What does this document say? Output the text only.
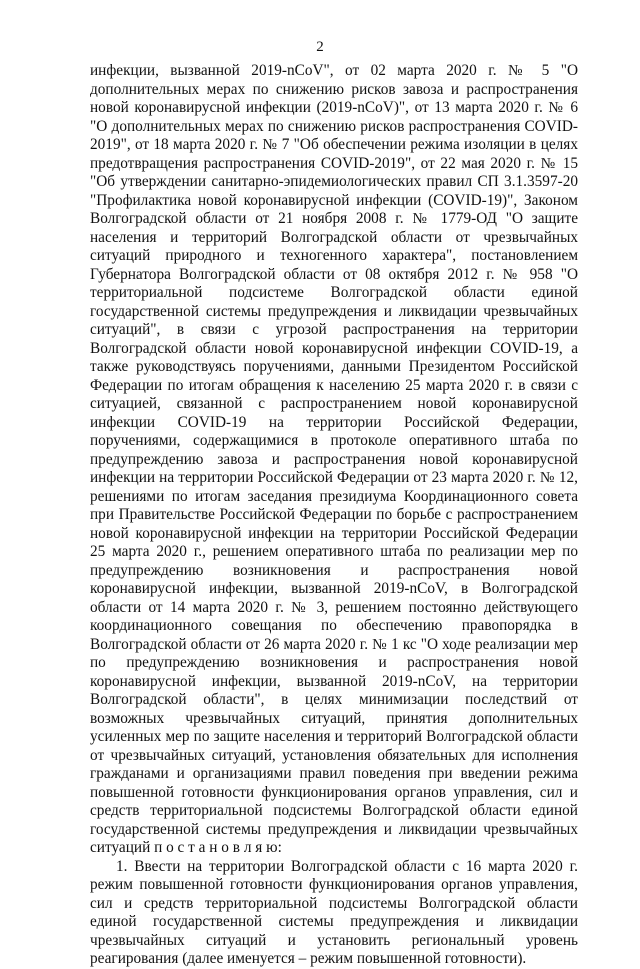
2

инфекции, вызванной 2019-nCoV", от 02 марта 2020 г. № 5 "О дополнительных мерах по снижению рисков завоза и распространения новой коронавирусной инфекции (2019-nCoV)", от 13 марта 2020 г. № 6 "О дополнительных мерах по снижению рисков распространения COVID-2019", от 18 марта 2020 г. № 7 "Об обеспечении режима изоляции в целях предотвращения распространения COVID-2019", от 22 мая 2020 г. № 15 "Об утверждении санитарно-эпидемиологических правил СП 3.1.3597-20 "Профилактика новой коронавирусной инфекции (COVID-19)", Законом Волгоградской области от 21 ноября 2008 г. № 1779-ОД "О защите населения и территорий Волгоградской области от чрезвычайных ситуаций природного и техногенного характера", постановлением Губернатора Волгоградской области от 08 октября 2012 г. № 958 "О территориальной подсистеме Волгоградской области единой государственной системы предупреждения и ликвидации чрезвычайных ситуаций", в связи с угрозой распространения на территории Волгоградской области новой коронавирусной инфекции COVID-19, а также руководствуясь поручениями, данными Президентом Российской Федерации по итогам обращения к населению 25 марта 2020 г. в связи с ситуацией, связанной с распространением новой коронавирусной инфекции COVID-19 на территории Российской Федерации, поручениями, содержащимися в протоколе оперативного штаба по предупреждению завоза и распространения новой коронавирусной инфекции на территории Российской Федерации от 23 марта 2020 г. № 12, решениями по итогам заседания президиума Координационного совета при Правительстве Российской Федерации по борьбе с распространением новой коронавирусной инфекции на территории Российской Федерации 25 марта 2020 г., решением оперативного штаба по реализации мер по предупреждению возникновения и распространения новой коронавирусной инфекции, вызванной 2019-nCoV, в Волгоградской области от 14 марта 2020 г. № 3, решением постоянно действующего координационного совещания по обеспечению правопорядка в Волгоградской области от 26 марта 2020 г. № 1 кс "О ходе реализации мер по предупреждению возникновения и распространения новой коронавирусной инфекции, вызванной 2019-nCoV, на территории Волгоградской области", в целях минимизации последствий от возможных чрезвычайных ситуаций, принятия дополнительных усиленных мер по защите населения и территорий Волгоградской области от чрезвычайных ситуаций, установления обязательных для исполнения гражданами и организациями правил поведения при введении режима повышенной готовности функционирования органов управления, сил и средств территориальной подсистемы Волгоградской области единой государственной системы предупреждения и ликвидации чрезвычайных ситуаций п о с т а н о в л я ю:

1. Ввести на территории Волгоградской области с 16 марта 2020 г. режим повышенной готовности функционирования органов управления, сил и средств территориальной подсистемы Волгоградской области единой государственной системы предупреждения и ликвидации чрезвычайных ситуаций и установить региональный уровень реагирования (далее именуется – режим повышенной готовности).
